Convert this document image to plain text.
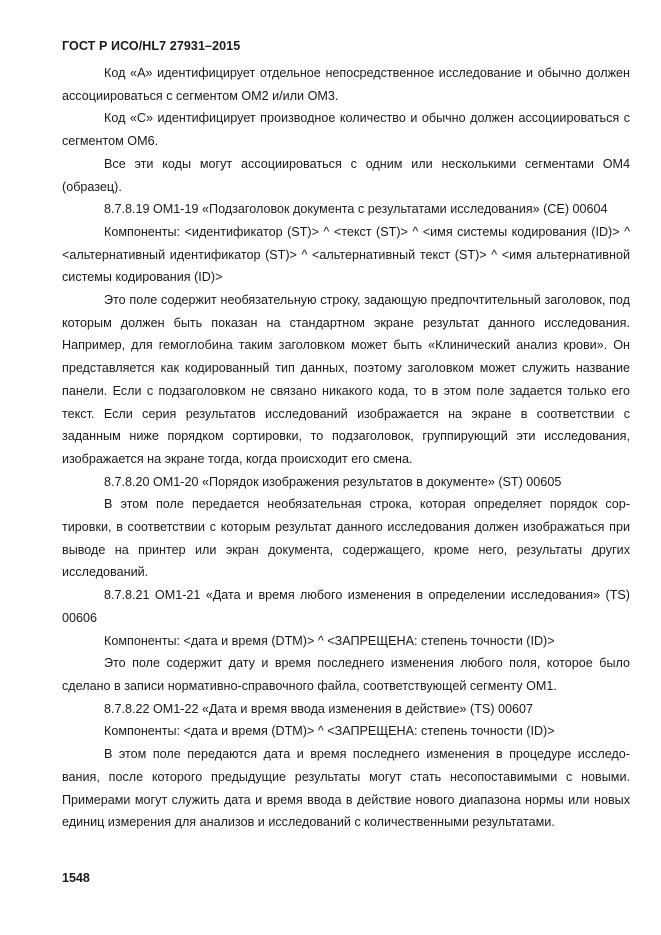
ГОСТ Р ИСО/HL7 27931–2015

Код «A» идентифицирует отдельное непосредственное исследование и обычно должен ассоциироваться с сегментом OM2 и/или OM3.

Код «C» идентифицирует производное количество и обычно должен ассоциироваться с сегментом OM6.

Все эти коды могут ассоциироваться с одним или несколькими сегментами OM4 (образец).

8.7.8.19 OM1-19 «Подзаголовок документа с результатами исследования» (CE) 00604

Компоненты: <идентификатор (ST)> ^ <текст (ST)> ^ <имя системы кодирования (ID)> ^ <альтернативный идентификатор (ST)> ^ <альтернативный текст (ST)> ^ <имя альтернативной системы кодирования (ID)>

Это поле содержит необязательную строку, задающую предпочтительный заголовок, под которым должен быть показан на стандартном экране результат данного исследования. Например, для гемоглобина таким заголовком может быть «Клинический анализ крови». Он представляется как кодированный тип данных, поэтому заголовком может служить название панели. Если с подзаголовком не связано никакого кода, то в этом поле задается только его текст. Если серия результатов исследований изображается на экране в соответствии с заданным ниже порядком сортировки, то подзаголовок, группирующий эти исследования, изображается на экране тогда, когда происходит его смена.

8.7.8.20 OM1-20 «Порядок изображения результатов в документе» (ST) 00605

В этом поле передается необязательная строка, которая определяет порядок сортировки, в соответствии с которым результат данного исследования должен изображаться при выводе на принтер или экран документа, содержащего, кроме него, результаты других исследований.

8.7.8.21 OM1-21 «Дата и время любого изменения в определении исследования» (TS) 00606

Компоненты: <дата и время (DTM)> ^ <ЗАПРЕЩЕНА: степень точности (ID)>

Это поле содержит дату и время последнего изменения любого поля, которое было сделано в записи нормативно-справочного файла, соответствующей сегменту OM1.

8.7.8.22 OM1-22 «Дата и время ввода изменения в действие» (TS) 00607

Компоненты: <дата и время (DTM)> ^ <ЗАПРЕЩЕНА: степень точности (ID)>

В этом поле передаются дата и время последнего изменения в процедуре исследования, после которого предыдущие результаты могут стать несопоставимыми с новыми. Примерами могут служить дата и время ввода в действие нового диапазона нормы или новых единиц измерения для анализов и исследований с количественными результатами.

1548
